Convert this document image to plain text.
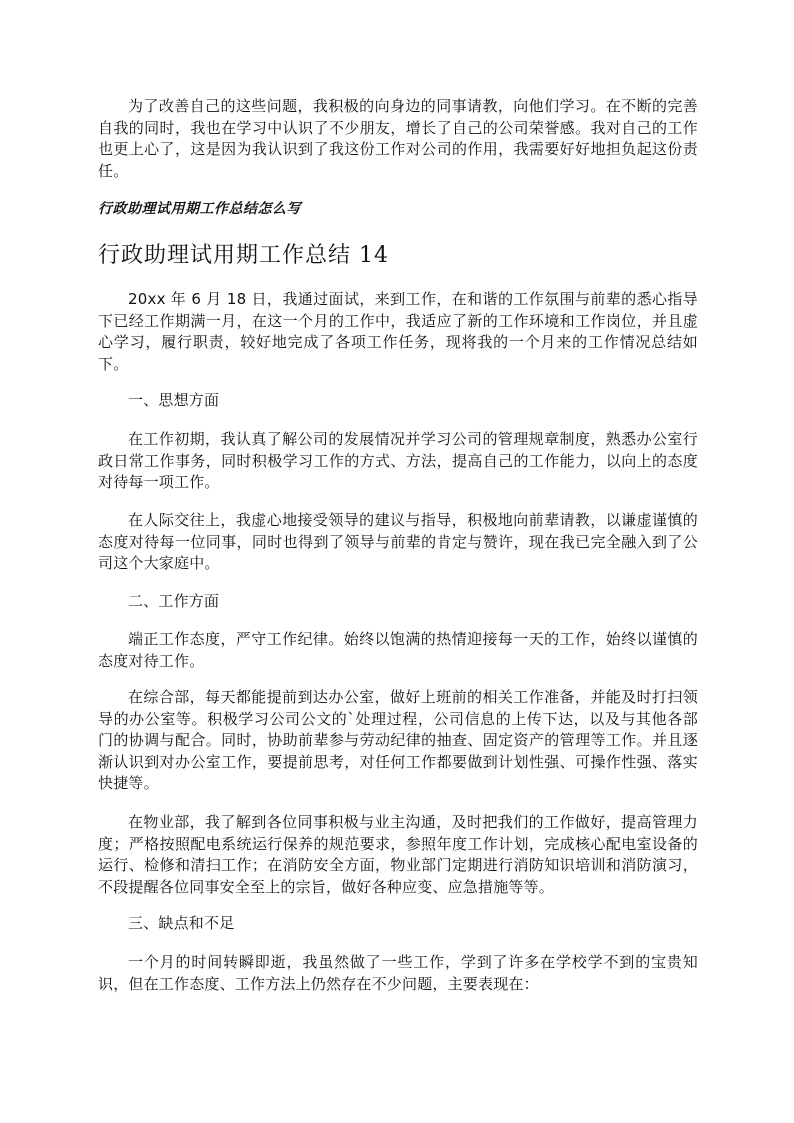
为了改善自己的这些问题，我积极的向身边的同事请教，向他们学习。在不断的完善自我的同时，我也在学习中认识了不少朋友，增长了自己的公司荣誉感。我对自己的工作也更上心了，这是因为我认识到了我这份工作对公司的作用，我需要好好地担负起这份责任。

行政助理试用期工作总结怎么写

行政助理试用期工作总结 14

20xx 年 6 月 18 日，我通过面试，来到工作，在和谐的工作氛围与前辈的悉心指导下已经工作期满一月，在这一个月的工作中，我适应了新的工作环境和工作岗位，并且虚心学习，履行职责，较好地完成了各项工作任务，现将我的一个月来的工作情况总结如下。

一、思想方面

在工作初期，我认真了解公司的发展情况并学习公司的管理规章制度，熟悉办公室行政日常工作事务，同时积极学习工作的方式、方法，提高自己的工作能力，以向上的态度对待每一项工作。

在人际交往上，我虚心地接受领导的建议与指导，积极地向前辈请教，以谦虚谨慎的态度对待每一位同事，同时也得到了领导与前辈的肯定与赞许，现在我已完全融入到了公司这个大家庭中。

二、工作方面

端正工作态度，严守工作纪律。始终以饱满的热情迎接每一天的工作，始终以谨慎的态度对待工作。

在综合部，每天都能提前到达办公室，做好上班前的相关工作准备，并能及时打扫领导的办公室等。积极学习公司公文的`处理过程，公司信息的上传下达，以及与其他各部门的协调与配合。同时，协助前辈参与劳动纪律的抽查、固定资产的管理等工作。并且逐渐认识到对办公室工作，要提前思考，对任何工作都要做到计划性强、可操作性强、落实快捷等。

在物业部，我了解到各位同事积极与业主沟通，及时把我们的工作做好，提高管理力度；严格按照配电系统运行保养的规范要求，参照年度工作计划，完成核心配电室设备的运行、检修和清扫工作；在消防安全方面，物业部门定期进行消防知识培训和消防演习，不段提醒各位同事安全至上的宗旨，做好各种应变、应急措施等等。

三、缺点和不足

一个月的时间转瞬即逝，我虽然做了一些工作，学到了许多在学校学不到的宝贵知识，但在工作态度、工作方法上仍然存在不少问题，主要表现在：
